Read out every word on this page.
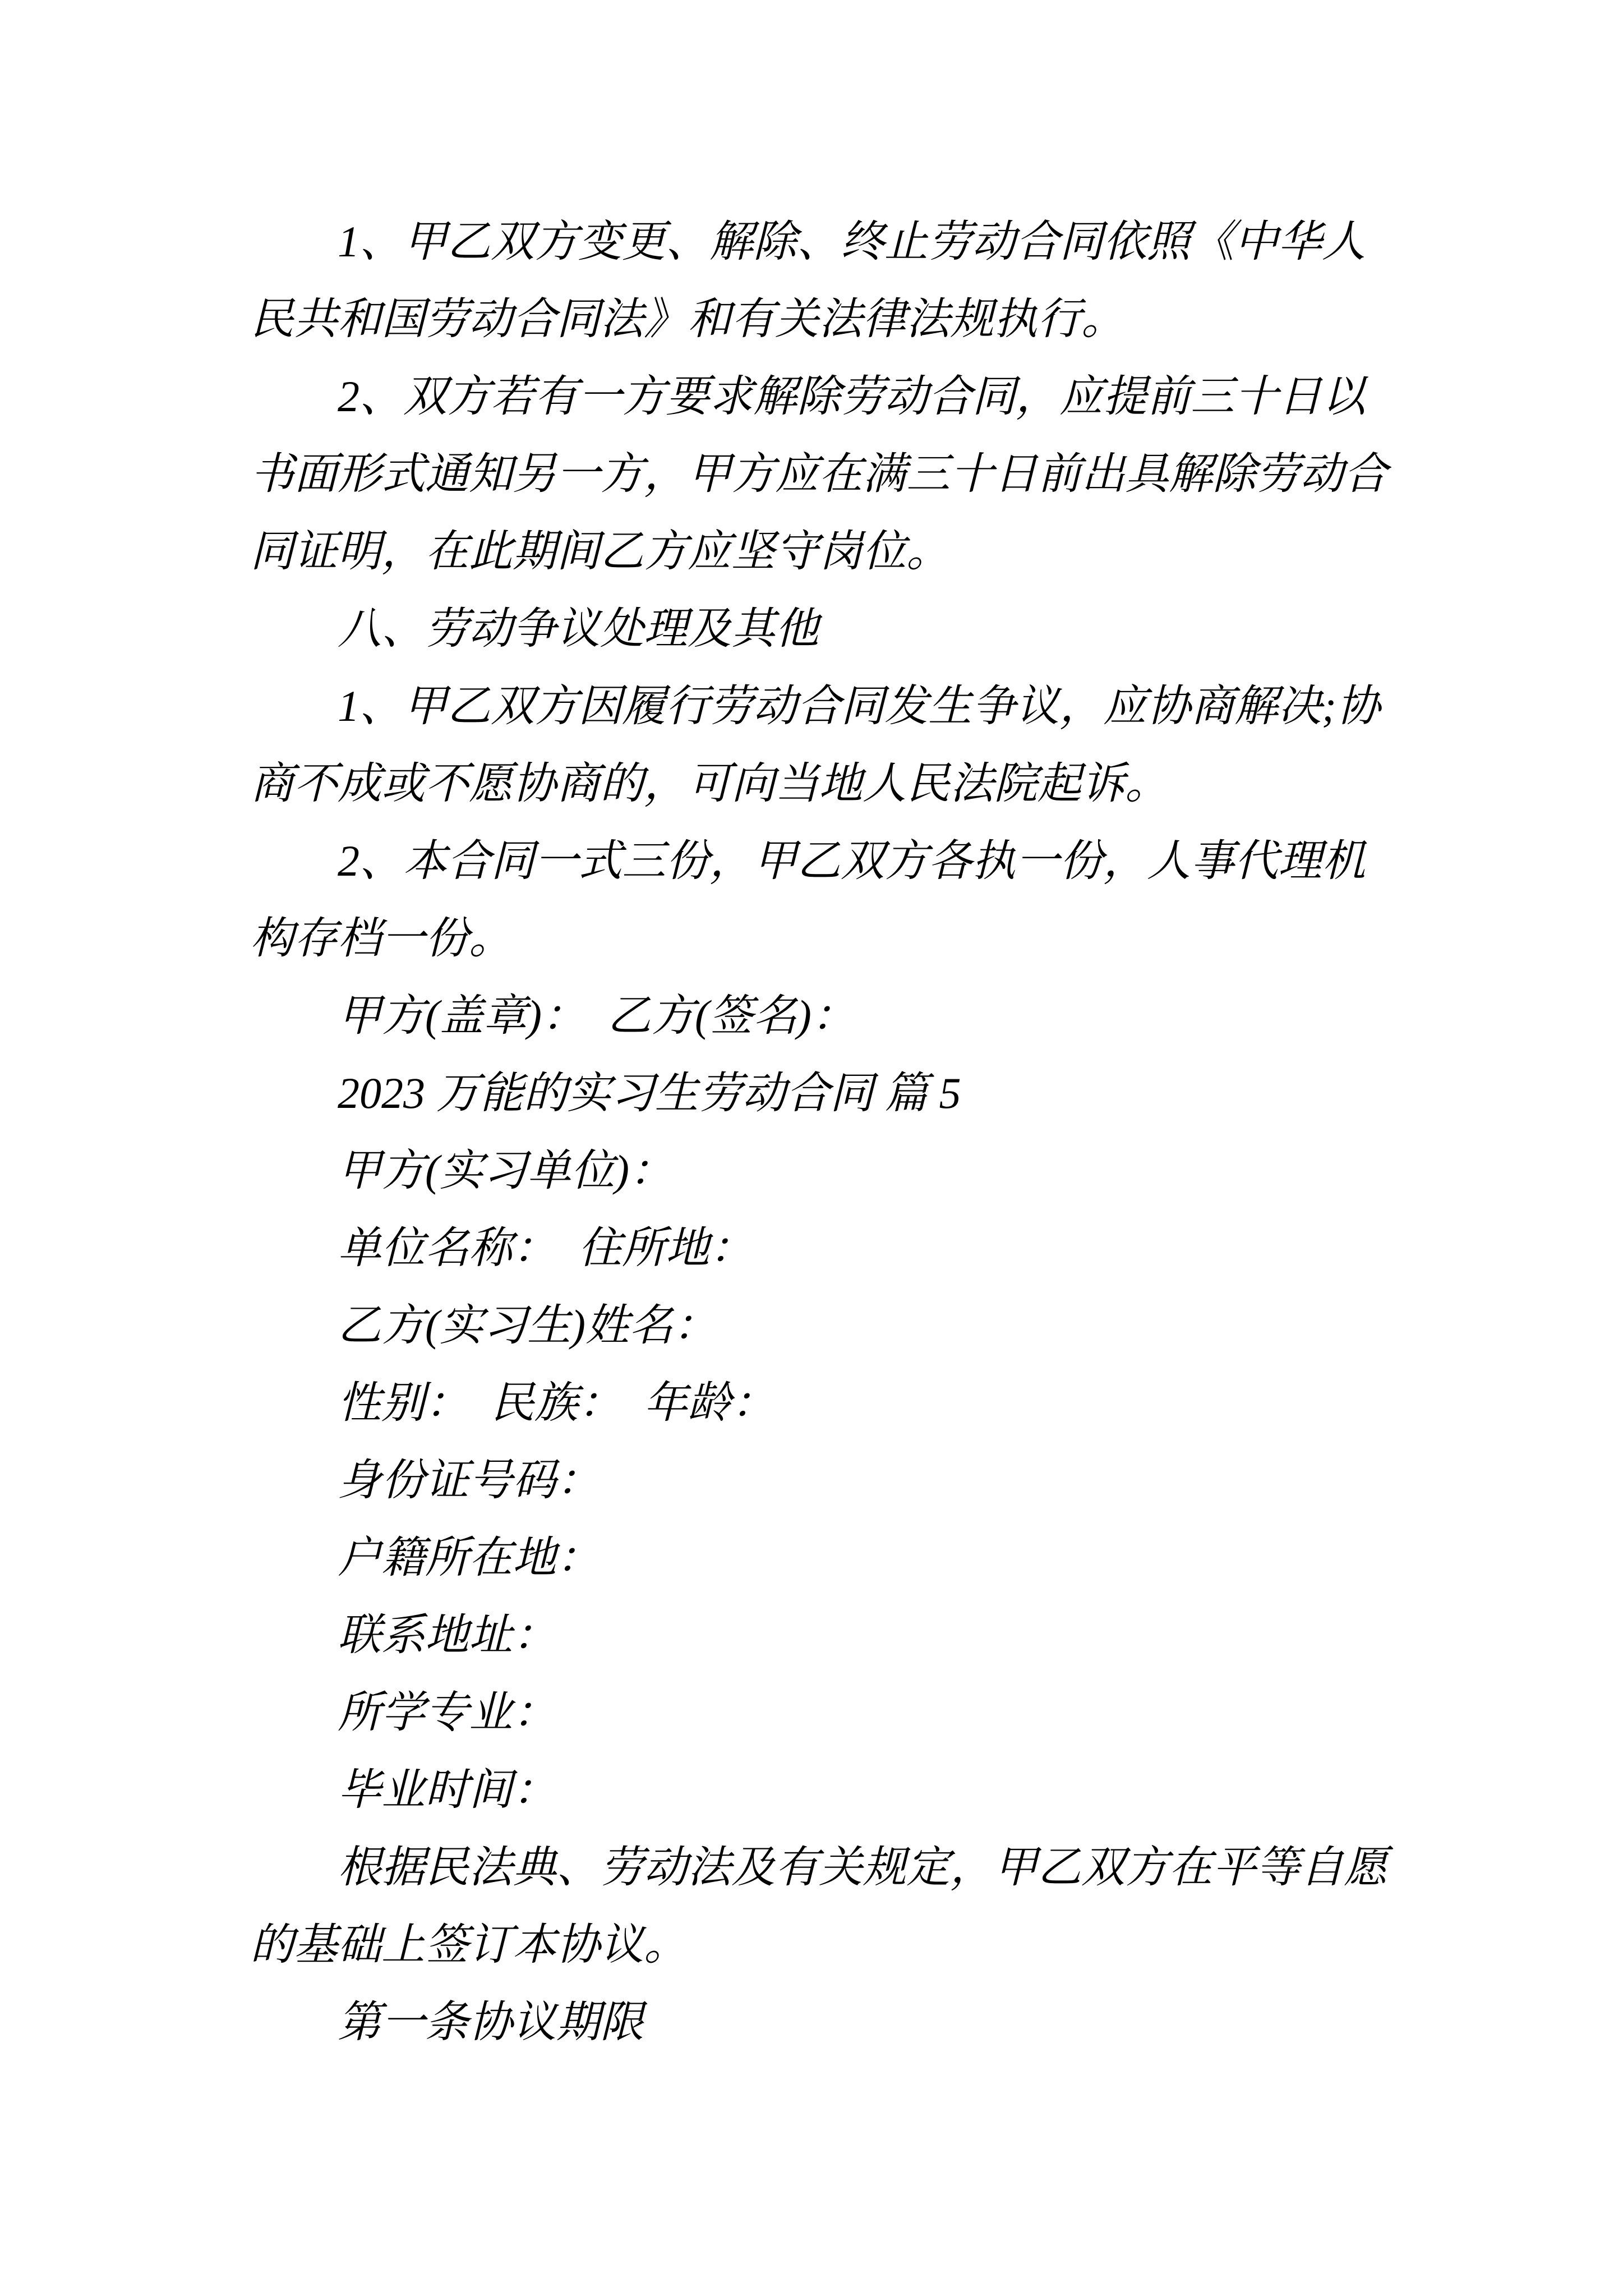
1、甲乙双方变更、解除、终止劳动合同依照《中华人
民共和国劳动合同法》和有关法律法规执行。
2、双方若有一方要求解除劳动合同，应提前三十日以
书面形式通知另一方，甲方应在满三十日前出具解除劳动合
同证明，在此期间乙方应坚守岗位。
八、劳动争议处理及其他
1、甲乙双方因履行劳动合同发生争议，应协商解决;协
商不成或不愿协商的，可向当地人民法院起诉。
2、本合同一式三份，甲乙双方各执一份，人事代理机
构存档一份。
甲方(盖章)：　乙方(签名)：
2023 万能的实习生劳动合同 篇 5
甲方(实习单位)：
单位名称：　住所地：
乙方(实习生)姓名：
性别：　民族：　年龄：
身份证号码：
户籍所在地：
联系地址：
所学专业：
毕业时间：
根据民法典、劳动法及有关规定，甲乙双方在平等自愿
的基础上签订本协议。
第一条协议期限
